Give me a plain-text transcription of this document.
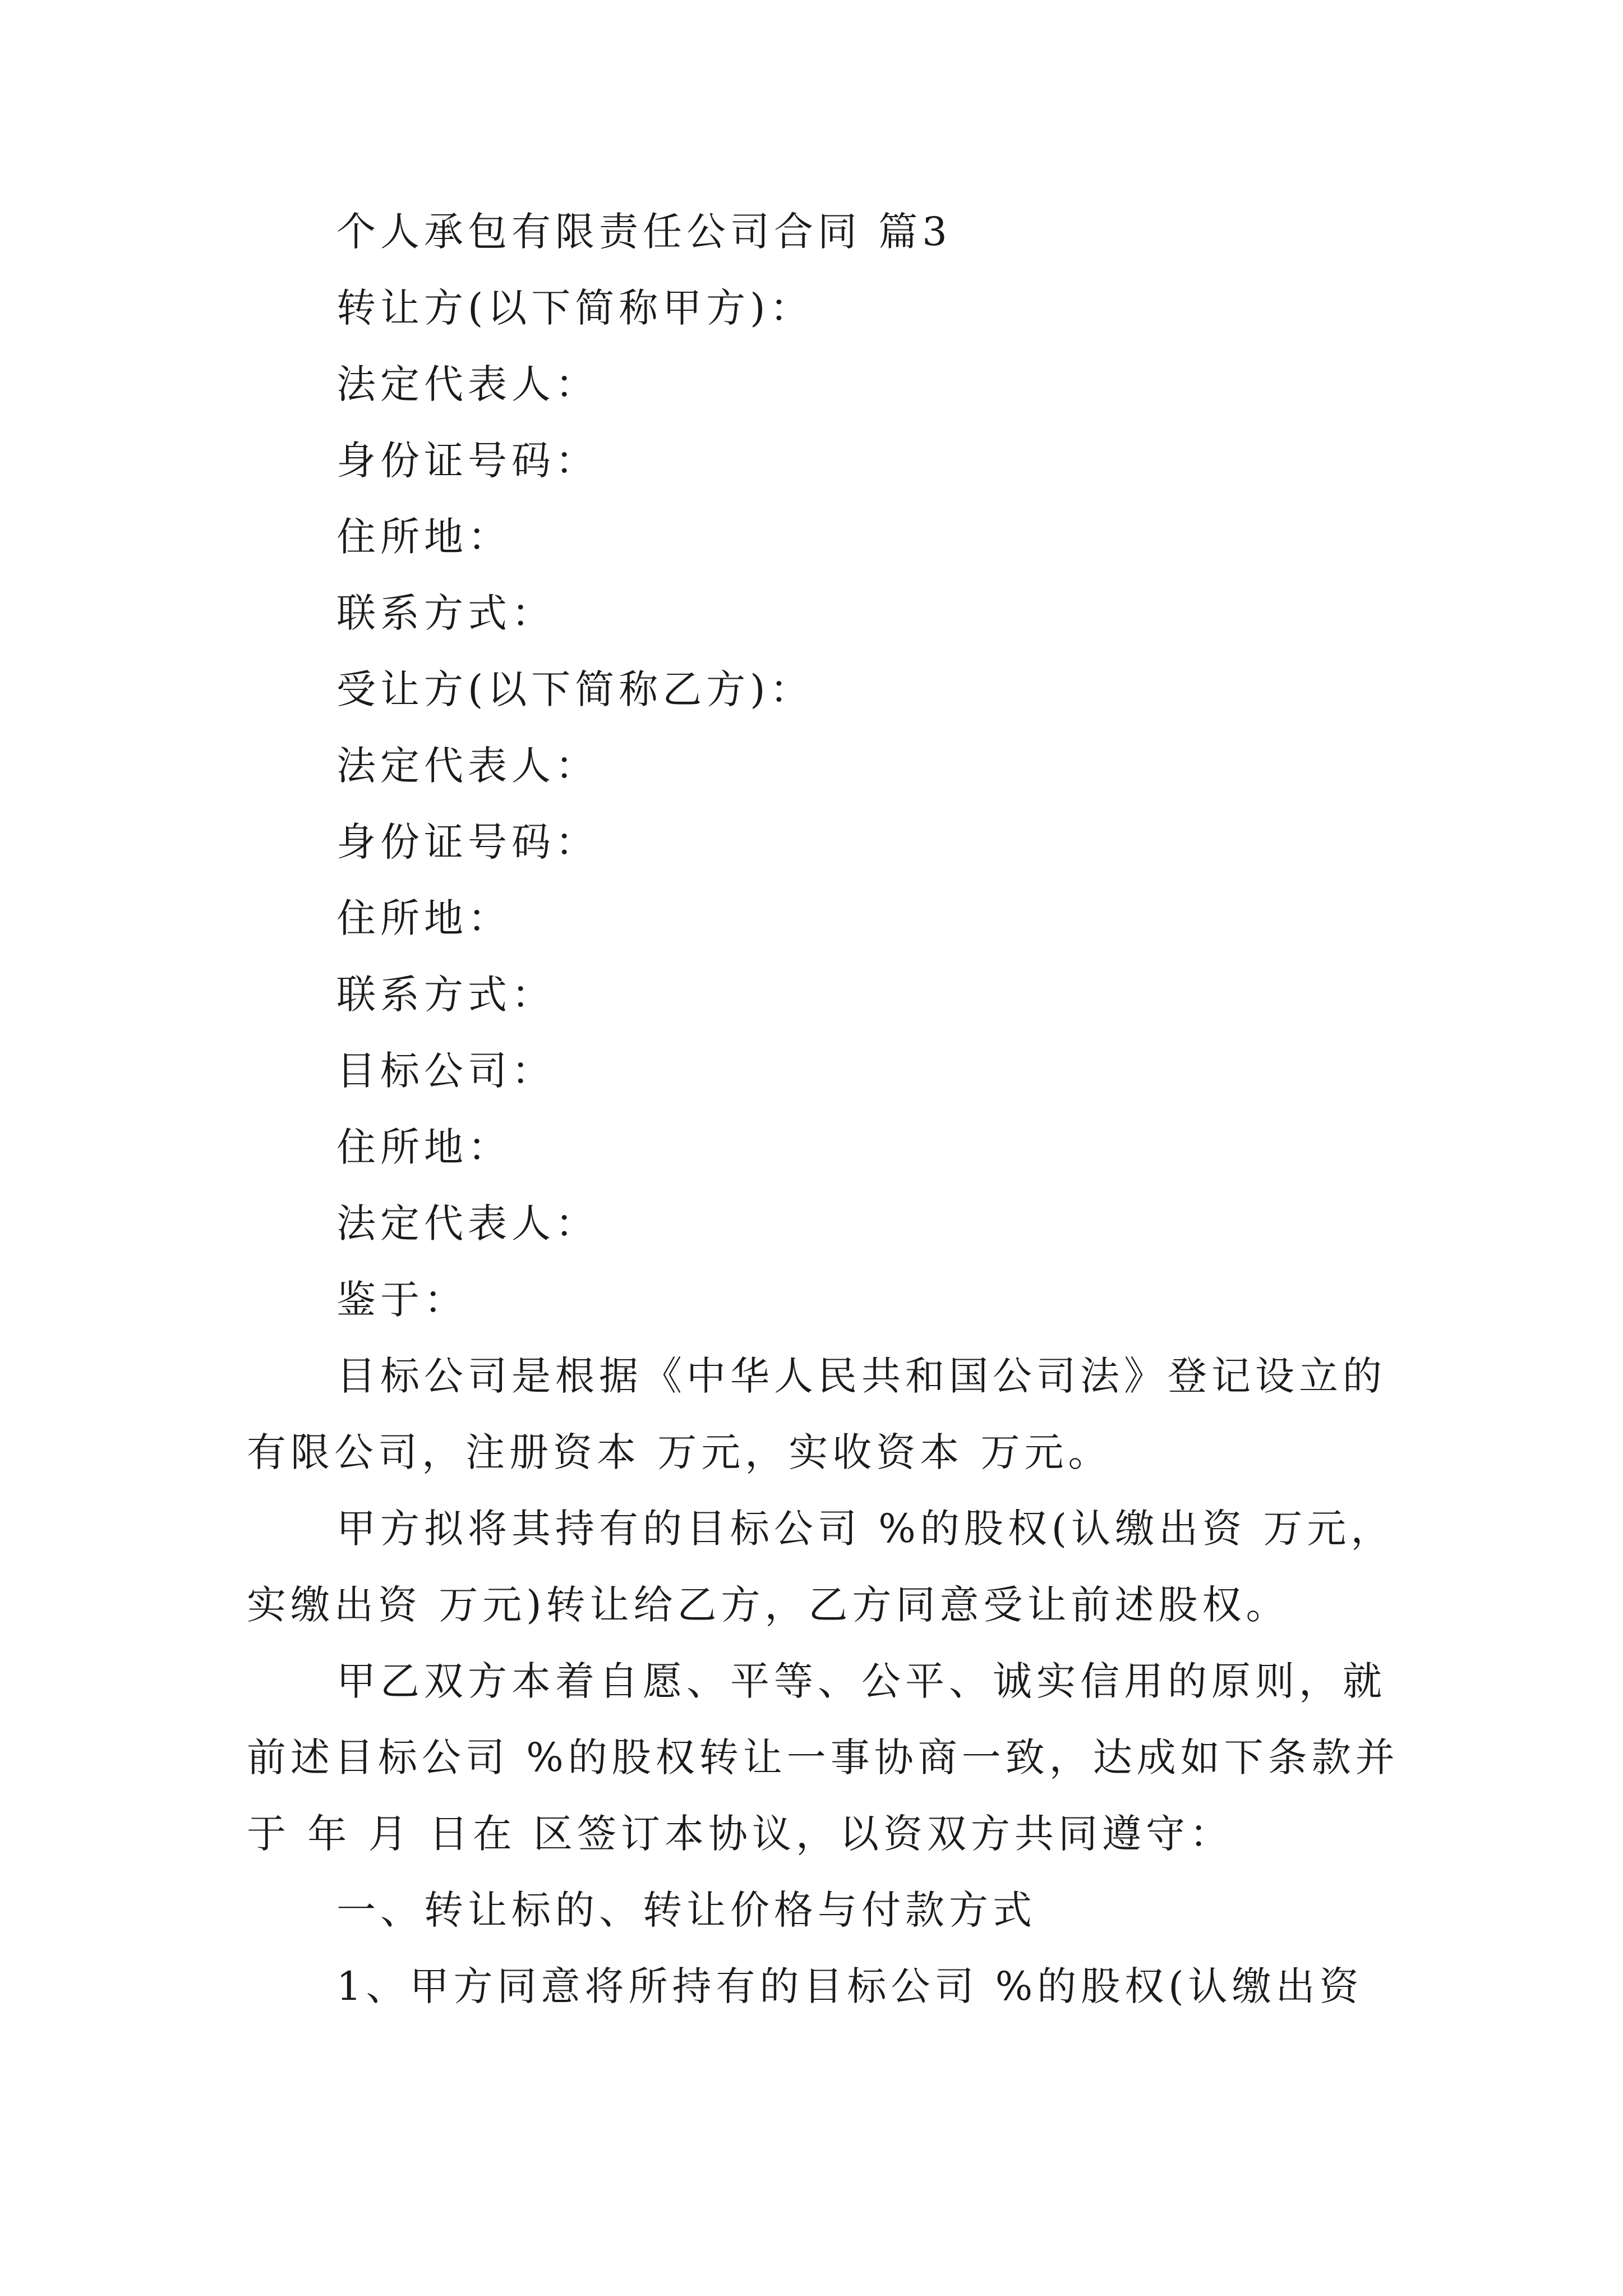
个人承包有限责任公司合同 篇3
转让方(以下简称甲方)：
法定代表人：
身份证号码：
住所地：
联系方式：
受让方(以下简称乙方)：
法定代表人：
身份证号码：
住所地：
联系方式：
目标公司：
住所地：
法定代表人：
鉴于：
目标公司是根据《中华人民共和国公司法》登记设立的
有限公司，注册资本 万元，实收资本 万元。
甲方拟将其持有的目标公司 %的股权(认缴出资 万元，
实缴出资 万元)转让给乙方，乙方同意受让前述股权。
甲乙双方本着自愿、平等、公平、诚实信用的原则，就
前述目标公司 %的股权转让一事协商一致，达成如下条款并
于 年 月 日在 区签订本协议，以资双方共同遵守：
一、转让标的、转让价格与付款方式
1、甲方同意将所持有的目标公司 %的股权(认缴出资
